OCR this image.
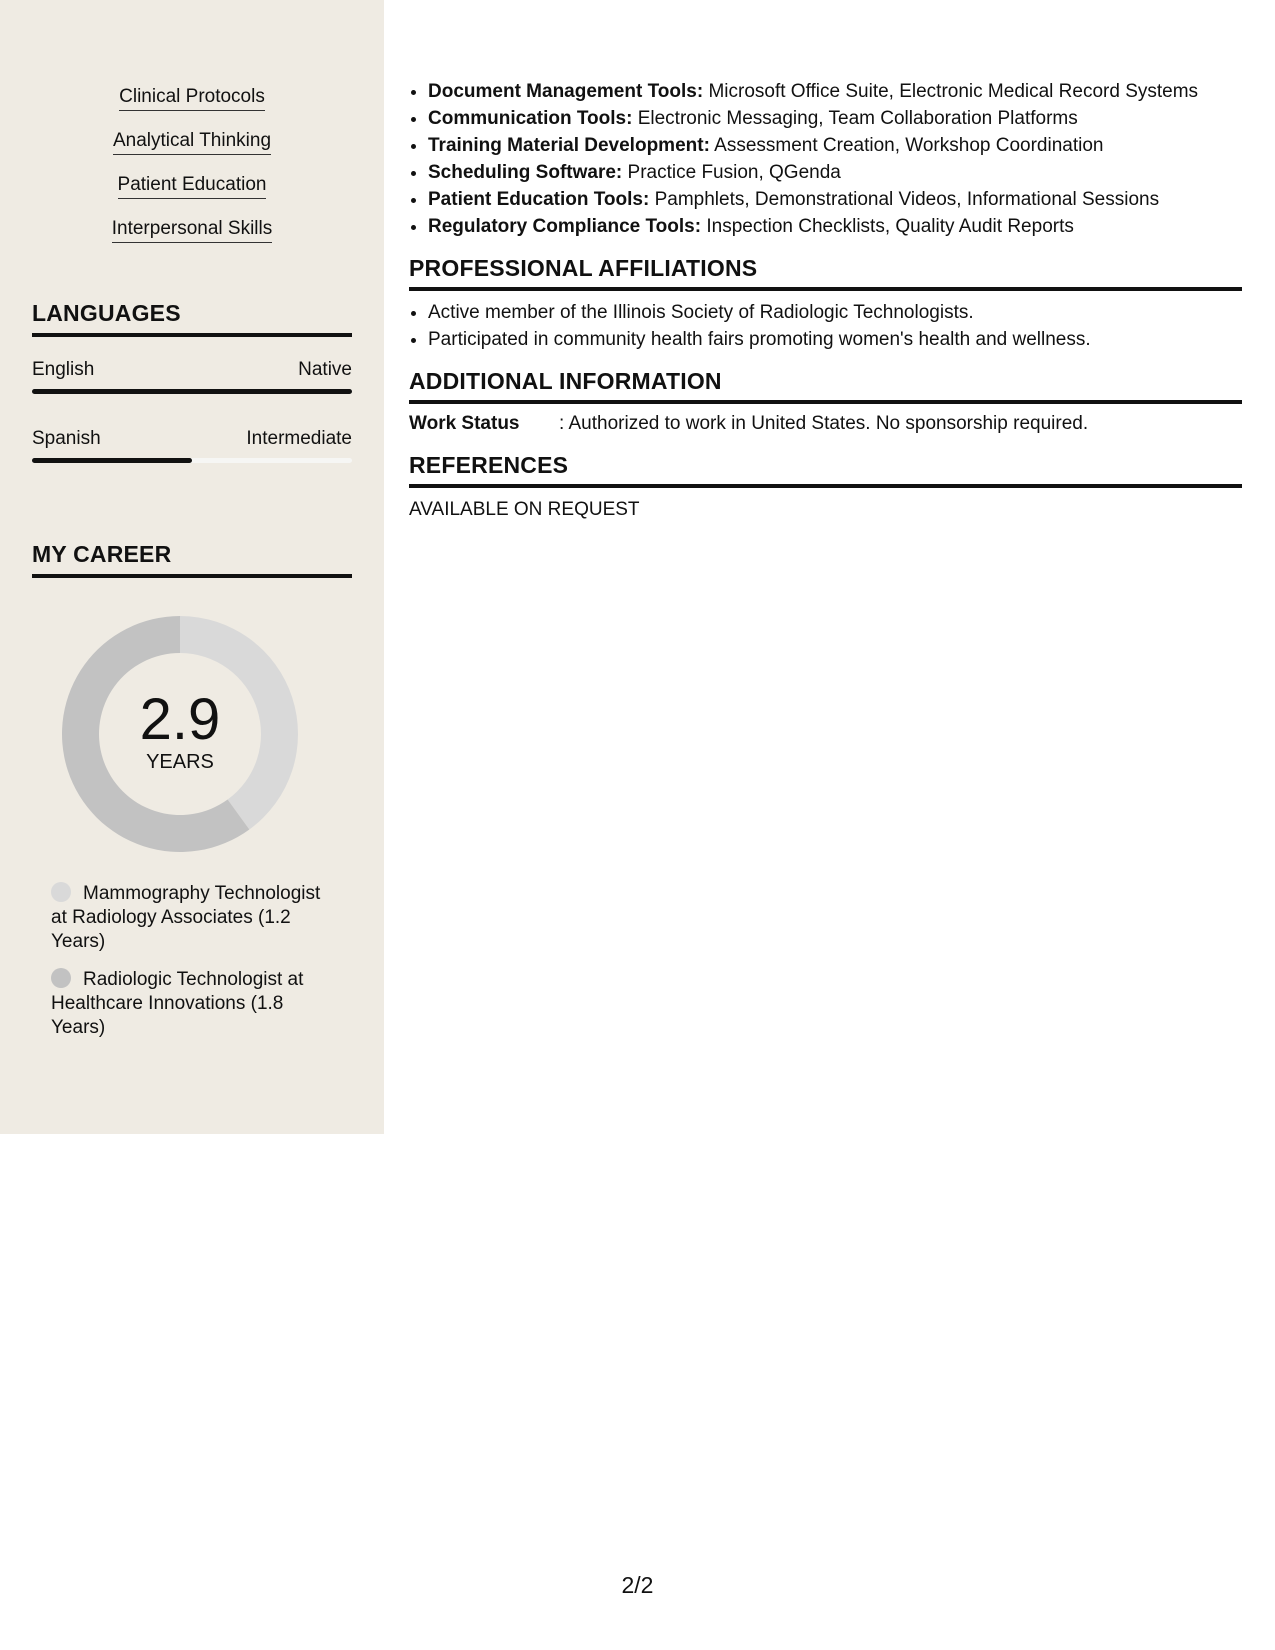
Clinical Protocols
Analytical Thinking
Patient Education
Interpersonal Skills
LANGUAGES
English	Native
Spanish	Intermediate
MY CAREER
2.9
YEARS
Mammography Technologist at Radiology Associates (1.2 Years)
Radiologic Technologist at Healthcare Innovations (1.8 Years)
• Document Management Tools: Microsoft Office Suite, Electronic Medical Record Systems
• Communication Tools: Electronic Messaging, Team Collaboration Platforms
• Training Material Development: Assessment Creation, Workshop Coordination
• Scheduling Software: Practice Fusion, QGenda
• Patient Education Tools: Pamphlets, Demonstrational Videos, Informational Sessions
• Regulatory Compliance Tools: Inspection Checklists, Quality Audit Reports
PROFESSIONAL AFFILIATIONS
• Active member of the Illinois Society of Radiologic Technologists.
• Participated in community health fairs promoting women's health and wellness.
ADDITIONAL INFORMATION
Work Status	: Authorized to work in United States. No sponsorship required.
REFERENCES
AVAILABLE ON REQUEST
2/2
